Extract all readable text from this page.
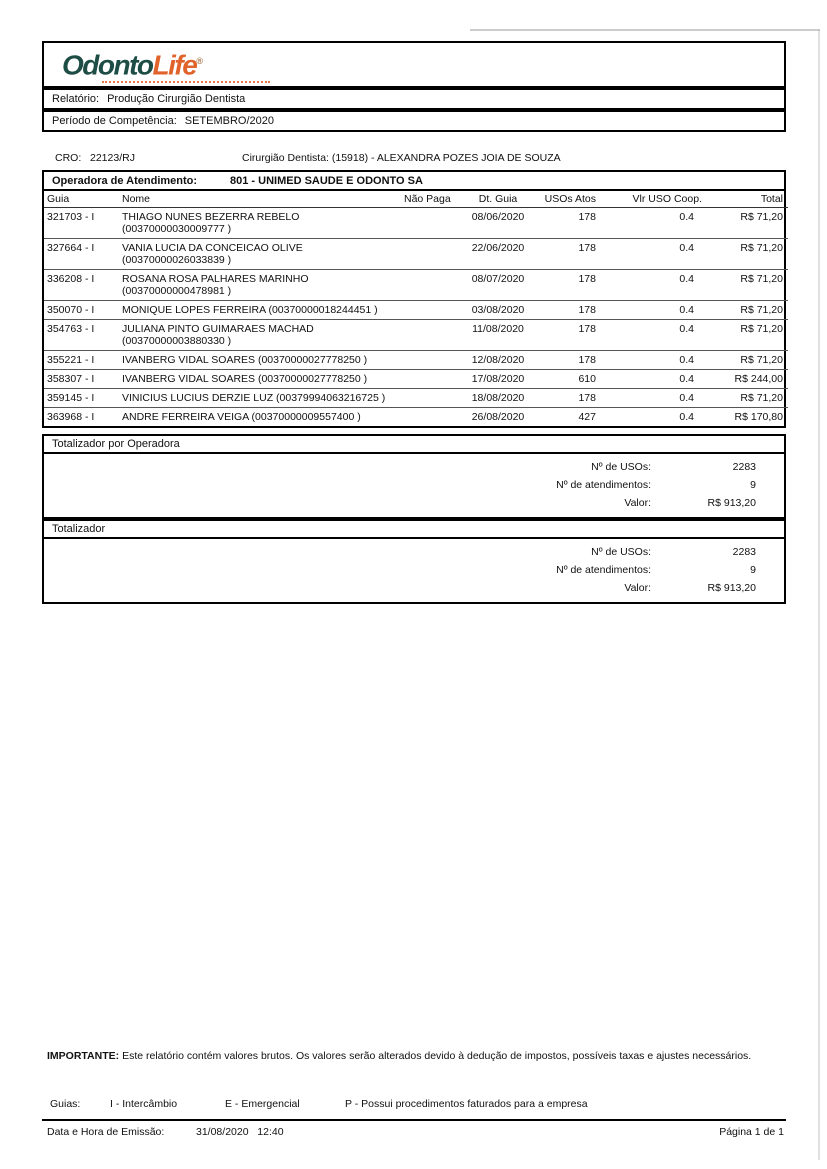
OdontoLife®
Relatório: Produção Cirurgião Dentista
Período de Competência: SETEMBRO/2020
CRO: 22123/RJ	Cirurgião Dentista: (15918) - ALEXANDRA POZES JOIA DE SOUZA
Operadora de Atendimento:	801 - UNIMED SAUDE E ODONTO SA
Guia	Nome	Não Paga	Dt. Guia	USOs Atos	Vlr USO Coop.	Total
321703 - I	THIAGO NUNES BEZERRA REBELO (00370000030009777 )		08/06/2020	178	0.4	R$ 71,20
327664 - I	VANIA LUCIA DA CONCEICAO OLIVE (00370000026033839 )		22/06/2020	178	0.4	R$ 71,20
336208 - I	ROSANA ROSA PALHARES MARINHO (00370000000478981 )		08/07/2020	178	0.4	R$ 71,20
350070 - I	MONIQUE LOPES FERREIRA (00370000018244451 )		03/08/2020	178	0.4	R$ 71,20
354763 - I	JULIANA PINTO GUIMARAES MACHAD (00370000003880330 )		11/08/2020	178	0.4	R$ 71,20
355221 - I	IVANBERG VIDAL SOARES (00370000027778250 )		12/08/2020	178	0.4	R$ 71,20
358307 - I	IVANBERG VIDAL SOARES (00370000027778250 )		17/08/2020	610	0.4	R$ 244,00
359145 - I	VINICIUS LUCIUS DERZIE LUZ (00379994063216725 )		18/08/2020	178	0.4	R$ 71,20
363968 - I	ANDRE FERREIRA VEIGA (00370000009557400 )		26/08/2020	427	0.4	R$ 170,80
Totalizador por Operadora
Nº de USOs:	2283
Nº de atendimentos:	9
Valor:	R$ 913,20
Totalizador
Nº de USOs:	2283
Nº de atendimentos:	9
Valor:	R$ 913,20
IMPORTANTE: Este relatório contém valores brutos. Os valores serão alterados devido à dedução de impostos, possíveis taxas e ajustes necessários.
Guias:	I - Intercâmbio	E - Emergencial	P - Possui procedimentos faturados para a empresa
Data e Hora de Emissão:	31/08/2020   12:40	Página 1 de 1
